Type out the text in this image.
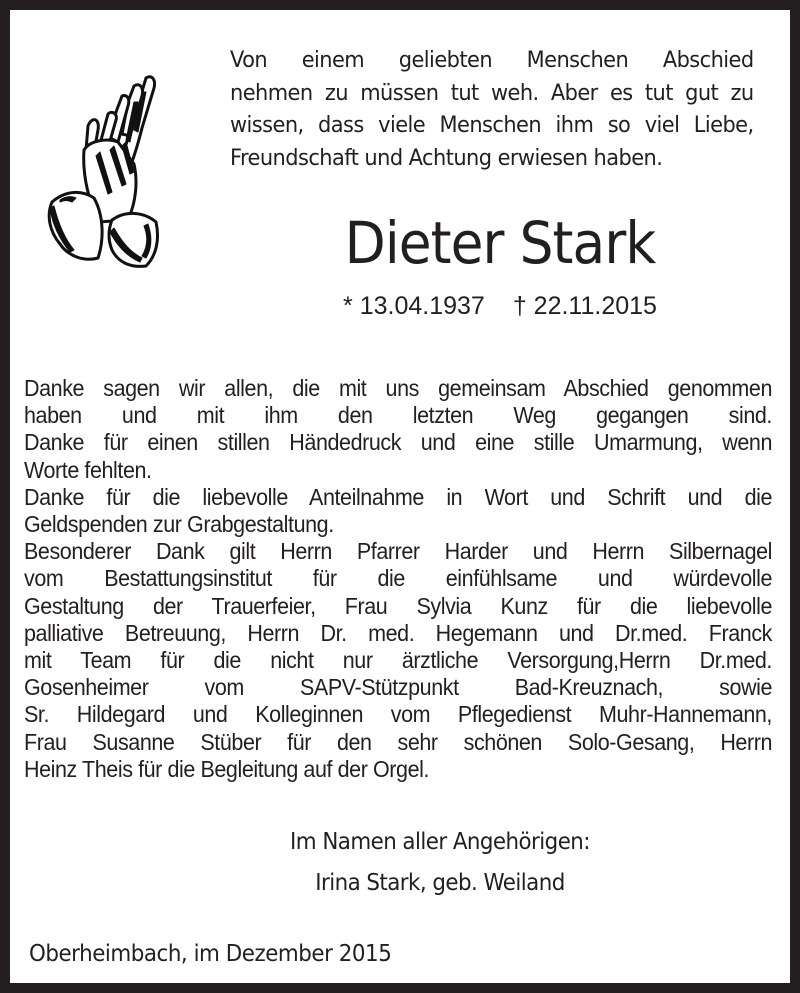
Von einem geliebten Menschen Abschied
nehmen zu müssen tut weh. Aber es tut gut zu
wissen, dass viele Menschen ihm so viel Liebe,
Freundschaft und Achtung erwiesen haben.
Dieter Stark
* 13.04.1937 † 22.11.2015
Danke sagen wir allen, die mit uns gemeinsam Abschied genommen
haben und mit ihm den letzten Weg gegangen sind.
Danke für einen stillen Händedruck und eine stille Umarmung, wenn
Worte fehlten.
Danke für die liebevolle Anteilnahme in Wort und Schrift und die
Geldspenden zur Grabgestaltung.
Besonderer Dank gilt Herrn Pfarrer Harder und Herrn Silbernagel
vom Bestattungsinstitut für die einfühlsame und würdevolle
Gestaltung der Trauerfeier, Frau Sylvia Kunz für die liebevolle
palliative Betreuung, Herrn Dr. med. Hegemann und Dr.med. Franck
mit Team für die nicht nur ärztliche Versorgung,Herrn Dr.med.
Gosenheimer vom SAPV-Stützpunkt Bad-Kreuznach, sowie
Sr. Hildegard und Kolleginnen vom Pflegedienst Muhr-Hannemann,
Frau Susanne Stüber für den sehr schönen Solo-Gesang, Herrn
Heinz Theis für die Begleitung auf der Orgel.
Im Namen aller Angehörigen:
Irina Stark, geb. Weiland
Oberheimbach, im Dezember 2015
